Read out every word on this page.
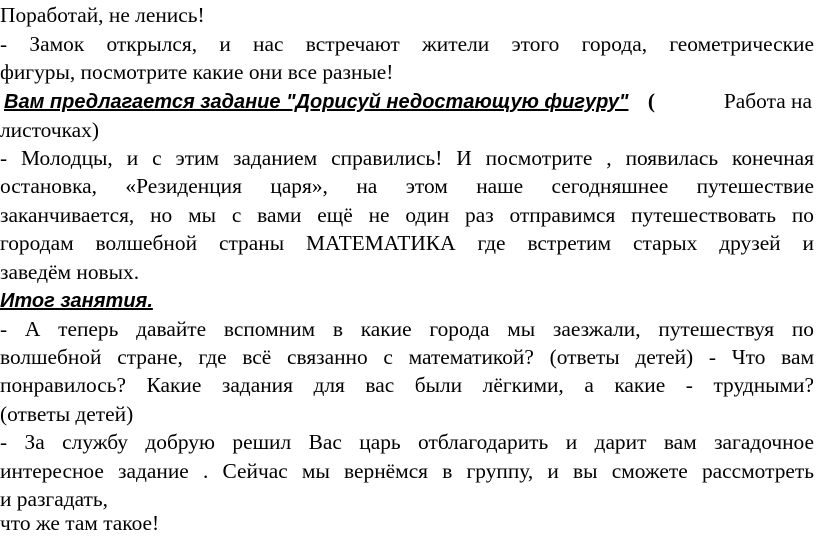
Поработай, не ленись!
- Замок открылся, и нас встречают жители этого города, геометрические
фигуры, посмотрите какие они все разные!
Вам предлагается задание "Дорисуй недостающую фигуру" (	Работа на
листочках)
- Молодцы, и с этим заданием справились! И посмотрите , появилась конечная
остановка, «Резиденция царя», на этом наше сегодняшнее путешествие
заканчивается, но мы с вами ещё не один раз отправимся путешествовать по
городам волшебной страны МАТЕМАТИКА где встретим старых друзей и
заведём новых.
Итог занятия.
- А теперь давайте вспомним в какие города мы заезжали, путешествуя по
волшебной стране, где всё связанно с математикой? (ответы детей) - Что вам
понравилось? Какие задания для вас были лёгкими, а какие - трудными?
(ответы детей)
- За службу добрую решил Вас царь отблагодарить и дарит вам загадочное
интересное задание . Сейчас мы вернёмся в группу, и вы сможете рассмотреть
и разгадать,
что же там такое!
